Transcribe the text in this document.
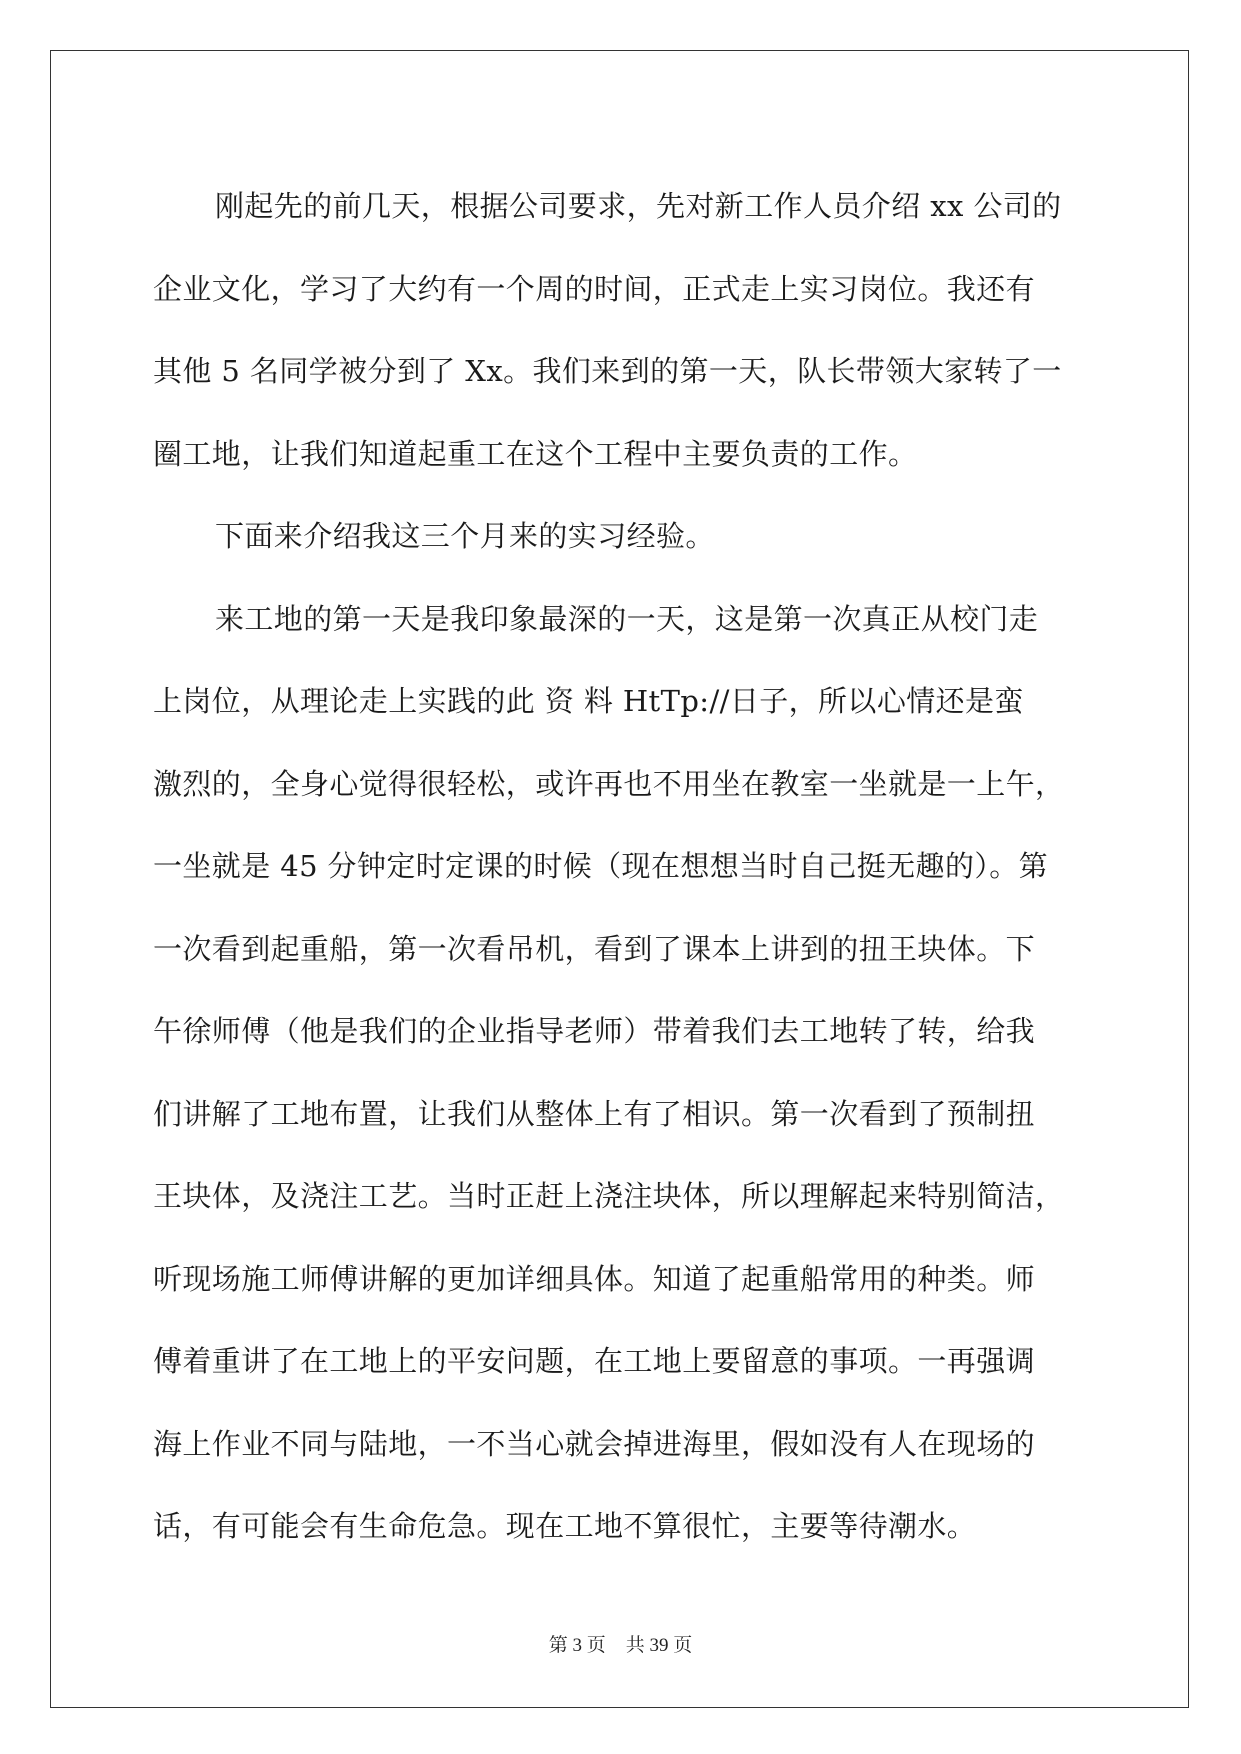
刚起先的前几天，根据公司要求，先对新工作人员介绍 xx 公司的
企业文化，学习了大约有一个周的时间，正式走上实习岗位。我还有
其他 5 名同学被分到了 Xx。我们来到的第一天，队长带领大家转了一
圈工地，让我们知道起重工在这个工程中主要负责的工作。
下面来介绍我这三个月来的实习经验。
来工地的第一天是我印象最深的一天，这是第一次真正从校门走
上岗位，从理论走上实践的此 资 料 HtTp://日子，所以心情还是蛮
激烈的，全身心觉得很轻松，或许再也不用坐在教室一坐就是一上午，
一坐就是 45 分钟定时定课的时候（现在想想当时自己挺无趣的）。第
一次看到起重船，第一次看吊机，看到了课本上讲到的扭王块体。下
午徐师傅（他是我们的企业指导老师）带着我们去工地转了转，给我
们讲解了工地布置，让我们从整体上有了相识。第一次看到了预制扭
王块体，及浇注工艺。当时正赶上浇注块体，所以理解起来特别简洁，
听现场施工师傅讲解的更加详细具体。知道了起重船常用的种类。师
傅着重讲了在工地上的平安问题，在工地上要留意的事项。一再强调
海上作业不同与陆地，一不当心就会掉进海里，假如没有人在现场的
话，有可能会有生命危急。现在工地不算很忙，主要等待潮水。
第 3 页 共 39 页
